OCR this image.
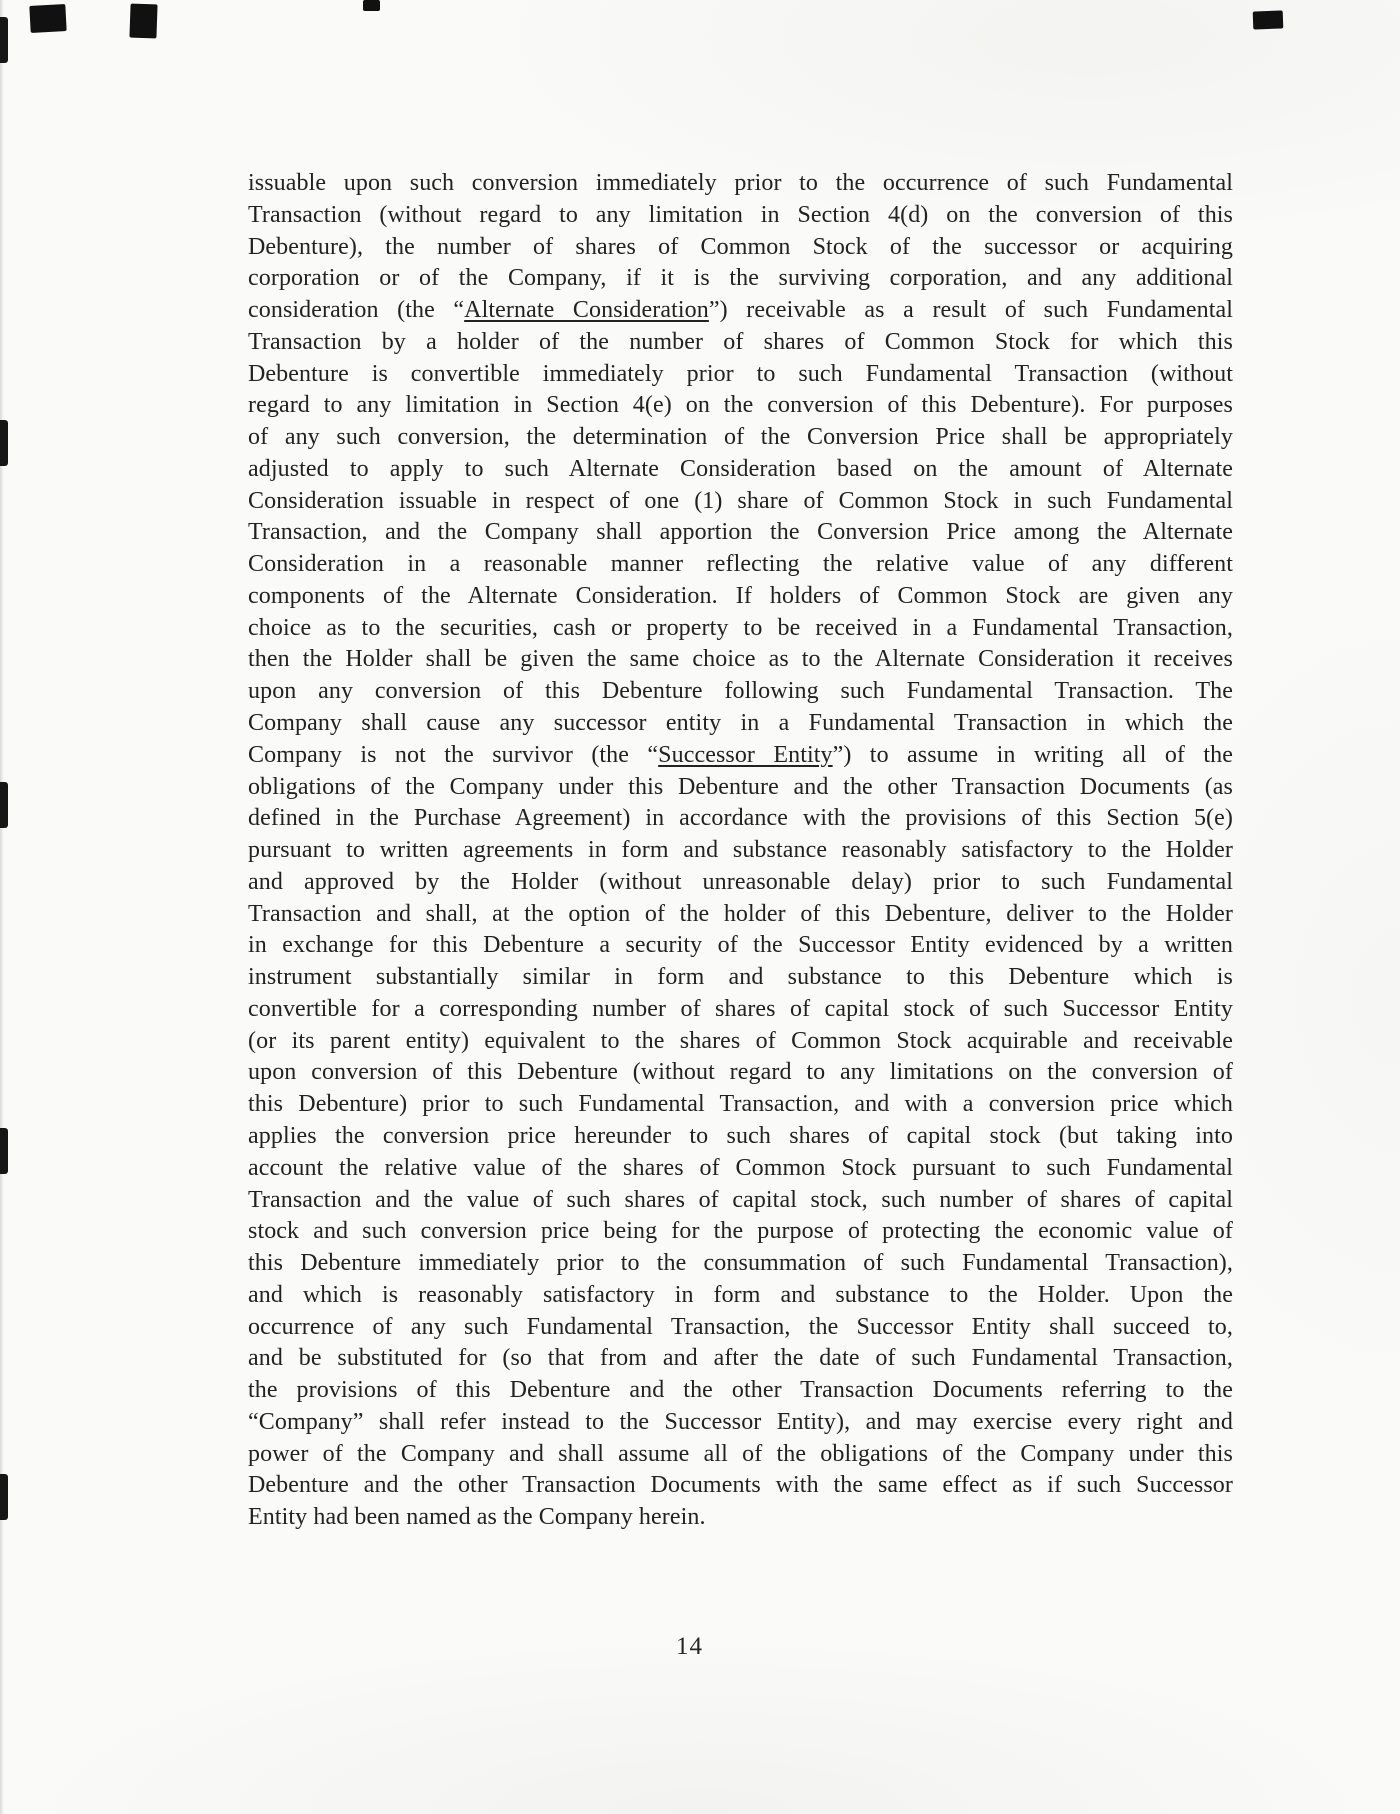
issuable upon such conversion immediately prior to the occurrence of such Fundamental
Transaction (without regard to any limitation in Section 4(d) on the conversion of this
Debenture), the number of shares of Common Stock of the successor or acquiring
corporation or of the Company, if it is the surviving corporation, and any additional
consideration (the “Alternate Consideration”) receivable as a result of such Fundamental
Transaction by a holder of the number of shares of Common Stock for which this
Debenture is convertible immediately prior to such Fundamental Transaction (without
regard to any limitation in Section 4(e) on the conversion of this Debenture). For purposes
of any such conversion, the determination of the Conversion Price shall be appropriately
adjusted to apply to such Alternate Consideration based on the amount of Alternate
Consideration issuable in respect of one (1) share of Common Stock in such Fundamental
Transaction, and the Company shall apportion the Conversion Price among the Alternate
Consideration in a reasonable manner reflecting the relative value of any different
components of the Alternate Consideration. If holders of Common Stock are given any
choice as to the securities, cash or property to be received in a Fundamental Transaction,
then the Holder shall be given the same choice as to the Alternate Consideration it receives
upon any conversion of this Debenture following such Fundamental Transaction. The
Company shall cause any successor entity in a Fundamental Transaction in which the
Company is not the survivor (the “Successor Entity”) to assume in writing all of the
obligations of the Company under this Debenture and the other Transaction Documents (as
defined in the Purchase Agreement) in accordance with the provisions of this Section 5(e)
pursuant to written agreements in form and substance reasonably satisfactory to the Holder
and approved by the Holder (without unreasonable delay) prior to such Fundamental
Transaction and shall, at the option of the holder of this Debenture, deliver to the Holder
in exchange for this Debenture a security of the Successor Entity evidenced by a written
instrument substantially similar in form and substance to this Debenture which is
convertible for a corresponding number of shares of capital stock of such Successor Entity
(or its parent entity) equivalent to the shares of Common Stock acquirable and receivable
upon conversion of this Debenture (without regard to any limitations on the conversion of
this Debenture) prior to such Fundamental Transaction, and with a conversion price which
applies the conversion price hereunder to such shares of capital stock (but taking into
account the relative value of the shares of Common Stock pursuant to such Fundamental
Transaction and the value of such shares of capital stock, such number of shares of capital
stock and such conversion price being for the purpose of protecting the economic value of
this Debenture immediately prior to the consummation of such Fundamental Transaction),
and which is reasonably satisfactory in form and substance to the Holder. Upon the
occurrence of any such Fundamental Transaction, the Successor Entity shall succeed to,
and be substituted for (so that from and after the date of such Fundamental Transaction,
the provisions of this Debenture and the other Transaction Documents referring to the
“Company” shall refer instead to the Successor Entity), and may exercise every right and
power of the Company and shall assume all of the obligations of the Company under this
Debenture and the other Transaction Documents with the same effect as if such Successor
Entity had been named as the Company herein.
14
